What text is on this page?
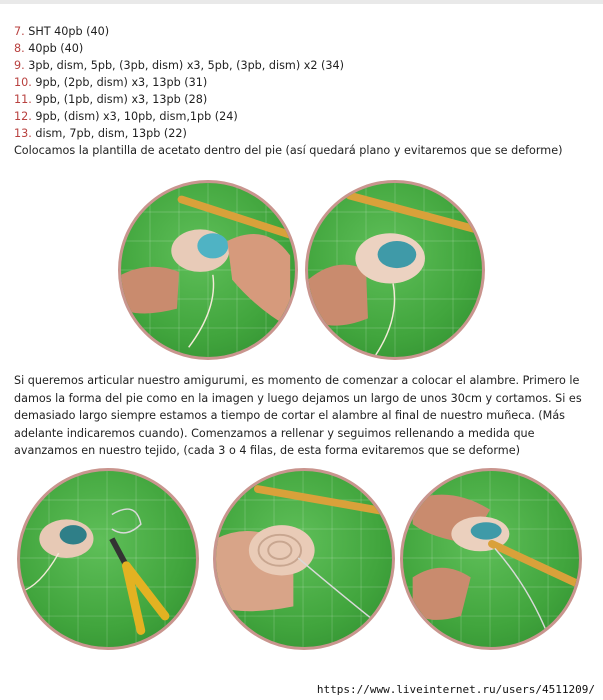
7. SHT 40pb (40)
8. 40pb (40)
9. 3pb, dism, 5pb, (3pb, dism) x3, 5pb, (3pb, dism) x2 (34)
10. 9pb, (2pb, dism) x3, 13pb (31)
11. 9pb, (1pb, dism) x3, 13pb (28)
12. 9pb, (dism) x3, 10pb, dism,1pb (24)
13. dism, 7pb, dism, 13pb (22)
Colocamos la plantilla de acetato dentro del pie (así quedará plano y evitaremos que se deforme)
Si queremos articular nuestro amigurumi, es momento de comenzar a colocar el alambre. Primero le damos la forma del pie como en la imagen y luego dejamos un largo de unos 30cm y cortamos. Si es demasiado largo siempre estamos a tiempo de cortar el alambre al final de nuestro muñeca. (Más adelante indicaremos cuando). Comenzamos a rellenar y seguimos rellenando a medida que avanzamos en nuestro tejido, (cada 3 o 4 filas, de esta forma evitaremos que se deforme)
https://www.liveinternet.ru/users/4511209/
